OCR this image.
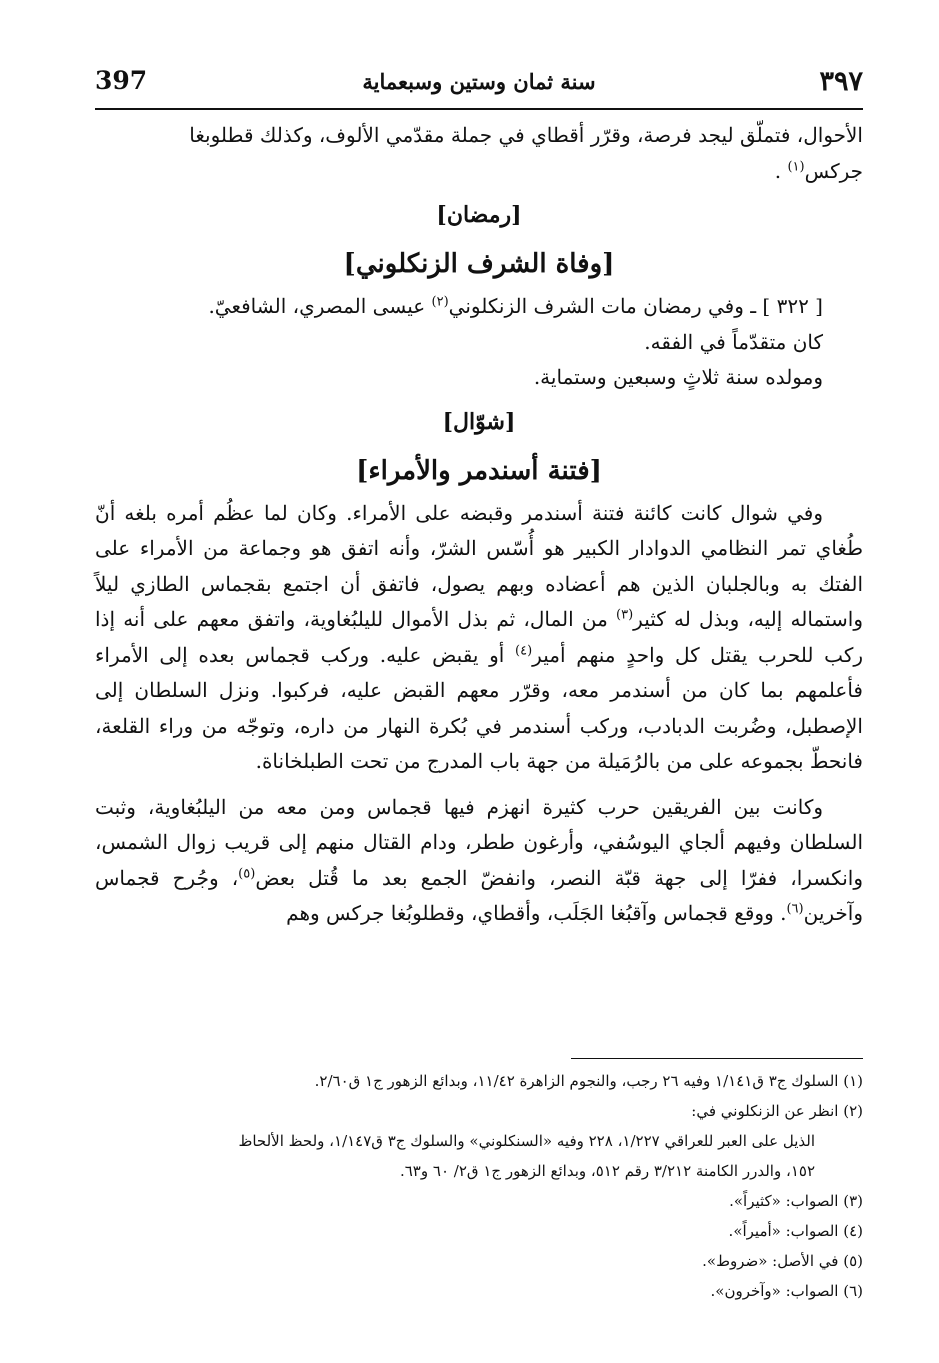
397	سنة ثمان وستين وسبعماية	٣٩٧

الأحوال، فتملّق ليجد فرصة، وقرّر أقطاي في جملة مقدّمي الألوف، وكذلك قطلوبغا

جركس$^{(١)}$ .

[رمضان]

[وفاة الشرف الزنكلوني]

[ ٣٢٢ ] ـ وفي رمضان مات الشرف الزنكلوني$^{(٢)}$ عيسى المصري، الشافعيّ.

كان متقدّماً في الفقه.

ومولده سنة ثلاثٍ وسبعين وستماية.

[شوّال]

[فتنة أسندمر والأمراء]

وفي شوال كانت كائنة فتنة أسندمر وقبضه على الأمراء. وكان لما عظُم أمره بلغه أنّ طُغاي تمر النظامي الدوادار الكبير هو أُسّس الشرّ، وأنه اتفق هو وجماعة من الأمراء على الفتك به وبالجلبان الذين هم أعضاده وبهم يصول، فاتفق أن اجتمع بقجماس الطازي ليلاً واستماله إليه، وبذل له كثير$^{(٣)}$ من المال، ثم بذل الأموال لليلبُغاوية، واتفق معهم على أنه إذا ركب للحرب يقتل كل واحدٍ منهم أمير$^{(٤)}$ أو يقبض عليه. وركب قجماس بعده إلى الأمراء فأعلمهم بما كان من أسندمر معه، وقرّر معهم القبض عليه، فركبوا. ونزل السلطان إلى الإصطبل، وضُربت الدبادب، وركب أسندمر في بُكرة النهار من داره، وتوجّه من وراء القلعة، فانحطّ بجموعه على من بالرُمَيلة من جهة باب المدرج من تحت الطبلخاناة.

وكانت بين الفريقين حرب كثيرة انهزم فيها قجماس ومن معه من اليلبُغاوية، وثبت السلطان وفيهم ألجاي اليوسُفي، وأرغون ططر، ودام القتال منهم إلى قريب زوال الشمس، وانكسرا، ففرّا إلى جهة قبّة النصر، وانفضّ الجمع بعد ما قُتل بعض$^{(٥)}$، وجُرح قجماس وآخرين$^{(٦)}$. ووقع قجماس وآقبُغا الجَلَب، وأقطاي، وقطلوبُغا جركس وهم

(١) السلوك ج٣ ق١/١٤١ وفيه ٢٦ رجب، والنجوم الزاهرة ١١/٤٢، وبدائع الزهور ج١ ق٢/٦٠.

(٢) انظر عن الزنكلوني في:

الذيل على العبر للعراقي ١/٢٢٧، ٢٢٨ وفيه «السنكلوني» والسلوك ج٣ ق١/١٤٧، ولحظ الألحاظ

١٥٢، والدرر الكامنة ٣/٢١٢ رقم ٥١٢، وبدائع الزهور ج١ ق٢/ ٦٠ و٦٣.

(٣) الصواب: «كثيراً».

(٤) الصواب: «أميراً».

(٥) في الأصل: «ضروط».

(٦) الصواب: «وآخرون».
